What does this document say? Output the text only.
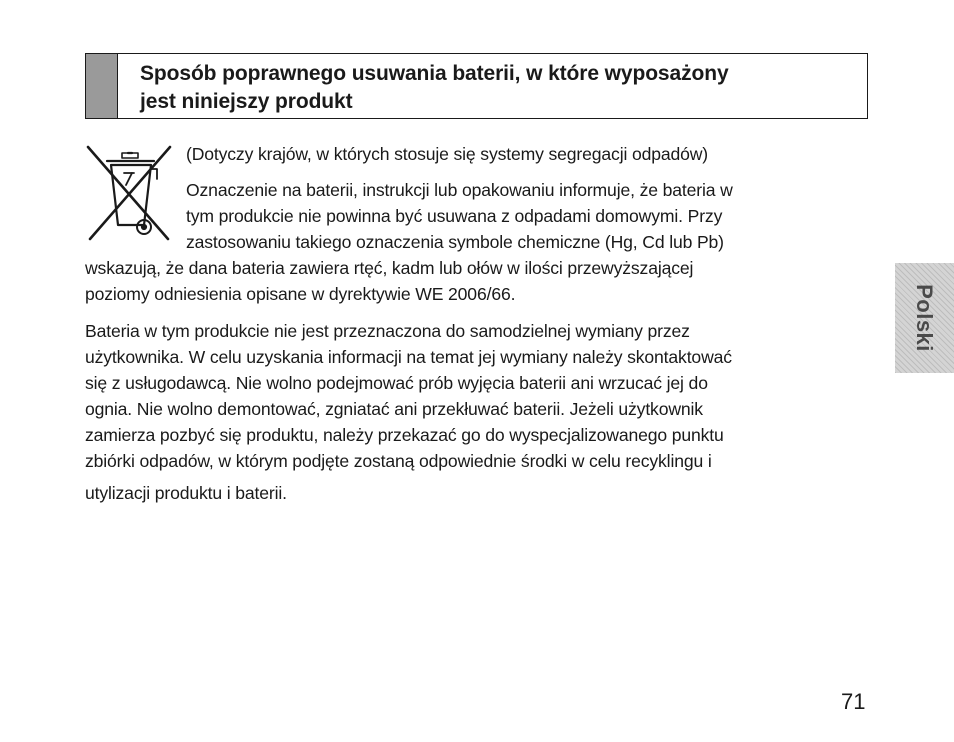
Sposób poprawnego usuwania baterii, w które wyposażony
jest niniejszy produkt
(Dotyczy krajów, w których stosuje się systemy segregacji odpadów)
Oznaczenie na baterii, instrukcji lub opakowaniu informuje, że bateria w
tym produkcie nie powinna być usuwana z odpadami domowymi. Przy
zastosowaniu takiego oznaczenia symbole chemiczne (Hg, Cd lub Pb)
wskazują, że dana bateria zawiera rtęć, kadm lub ołów w ilości przewyższającej
poziomy odniesienia opisane w dyrektywie WE 2006/66.
Bateria w tym produkcie nie jest przeznaczona do samodzielnej wymiany przez
użytkownika. W celu uzyskania informacji na temat jej wymiany należy skontaktować
się z usługodawcą. Nie wolno podejmować prób wyjęcia baterii ani wrzucać jej do
ognia. Nie wolno demontować, zgniatać ani przekłuwać baterii. Jeżeli użytkownik
zamierza pozbyć się produktu, należy przekazać go do wyspecjalizowanego punktu
zbiórki odpadów, w którym podjęte zostaną odpowiednie środki w celu recyklingu i
utylizacji produktu i baterii.
Polski
71
